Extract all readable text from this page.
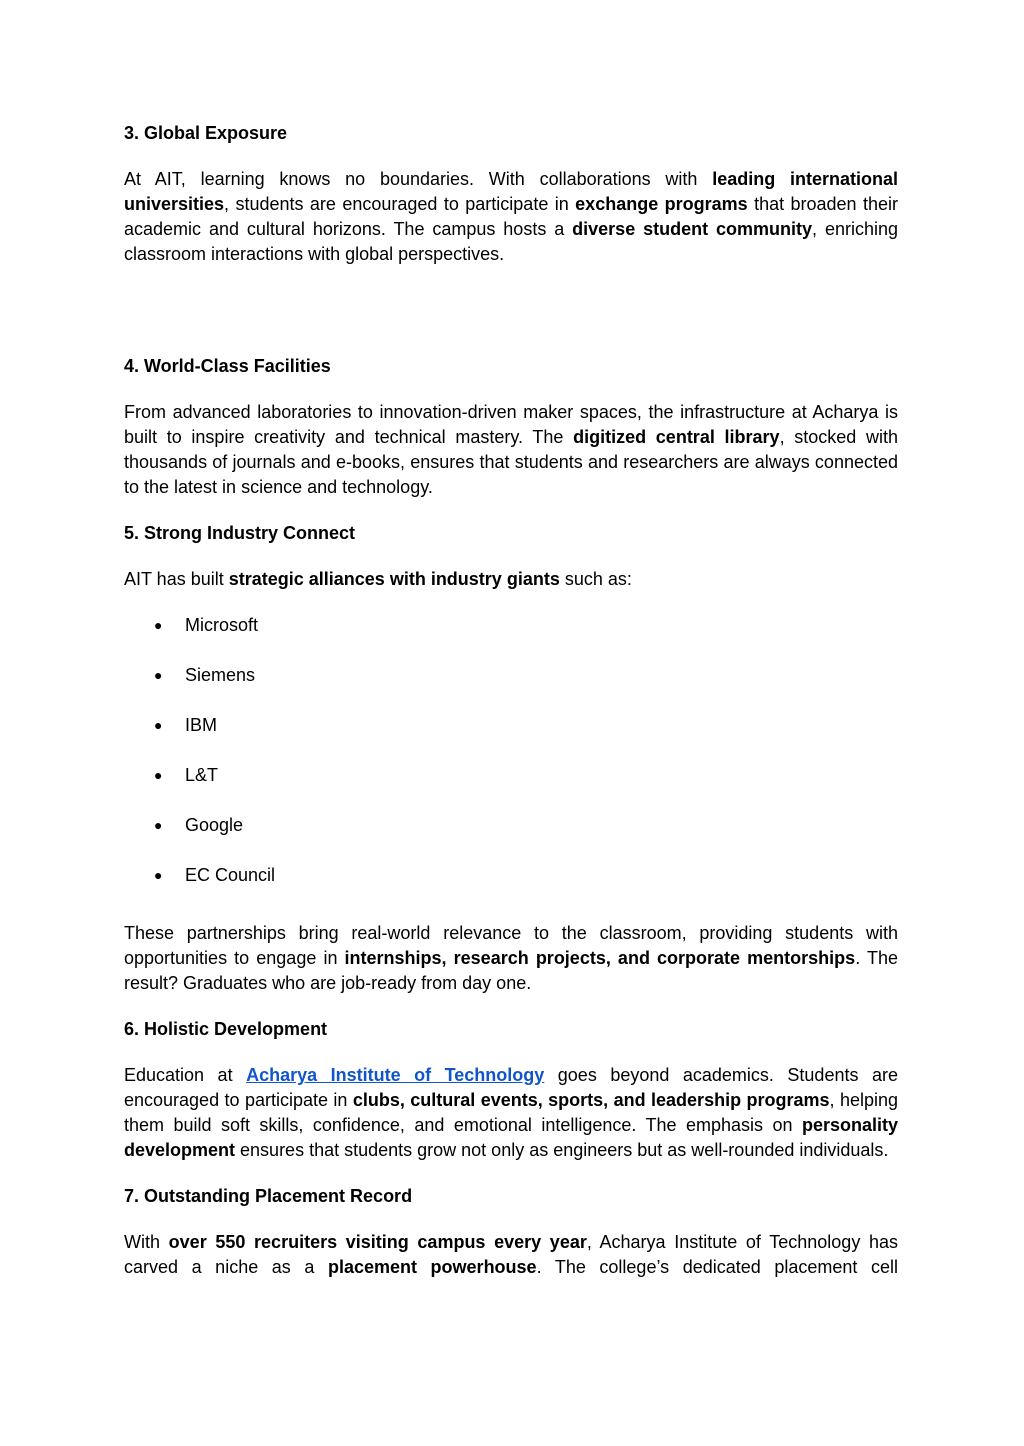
3. Global Exposure

At AIT, learning knows no boundaries. With collaborations with leading international universities, students are encouraged to participate in exchange programs that broaden their academic and cultural horizons. The campus hosts a diverse student community, enriching classroom interactions with global perspectives.

4. World-Class Facilities

From advanced laboratories to innovation-driven maker spaces, the infrastructure at Acharya is built to inspire creativity and technical mastery. The digitized central library, stocked with thousands of journals and e-books, ensures that students and researchers are always connected to the latest in science and technology.

5. Strong Industry Connect

AIT has built strategic alliances with industry giants such as:

● Microsoft
● Siemens
● IBM
● L&T
● Google
● EC Council

These partnerships bring real-world relevance to the classroom, providing students with opportunities to engage in internships, research projects, and corporate mentorships. The result? Graduates who are job-ready from day one.

6. Holistic Development

Education at Acharya Institute of Technology goes beyond academics. Students are encouraged to participate in clubs, cultural events, sports, and leadership programs, helping them build soft skills, confidence, and emotional intelligence. The emphasis on personality development ensures that students grow not only as engineers but as well-rounded individuals.

7. Outstanding Placement Record

With over 550 recruiters visiting campus every year, Acharya Institute of Technology has carved a niche as a placement powerhouse. The college’s dedicated placement cell
